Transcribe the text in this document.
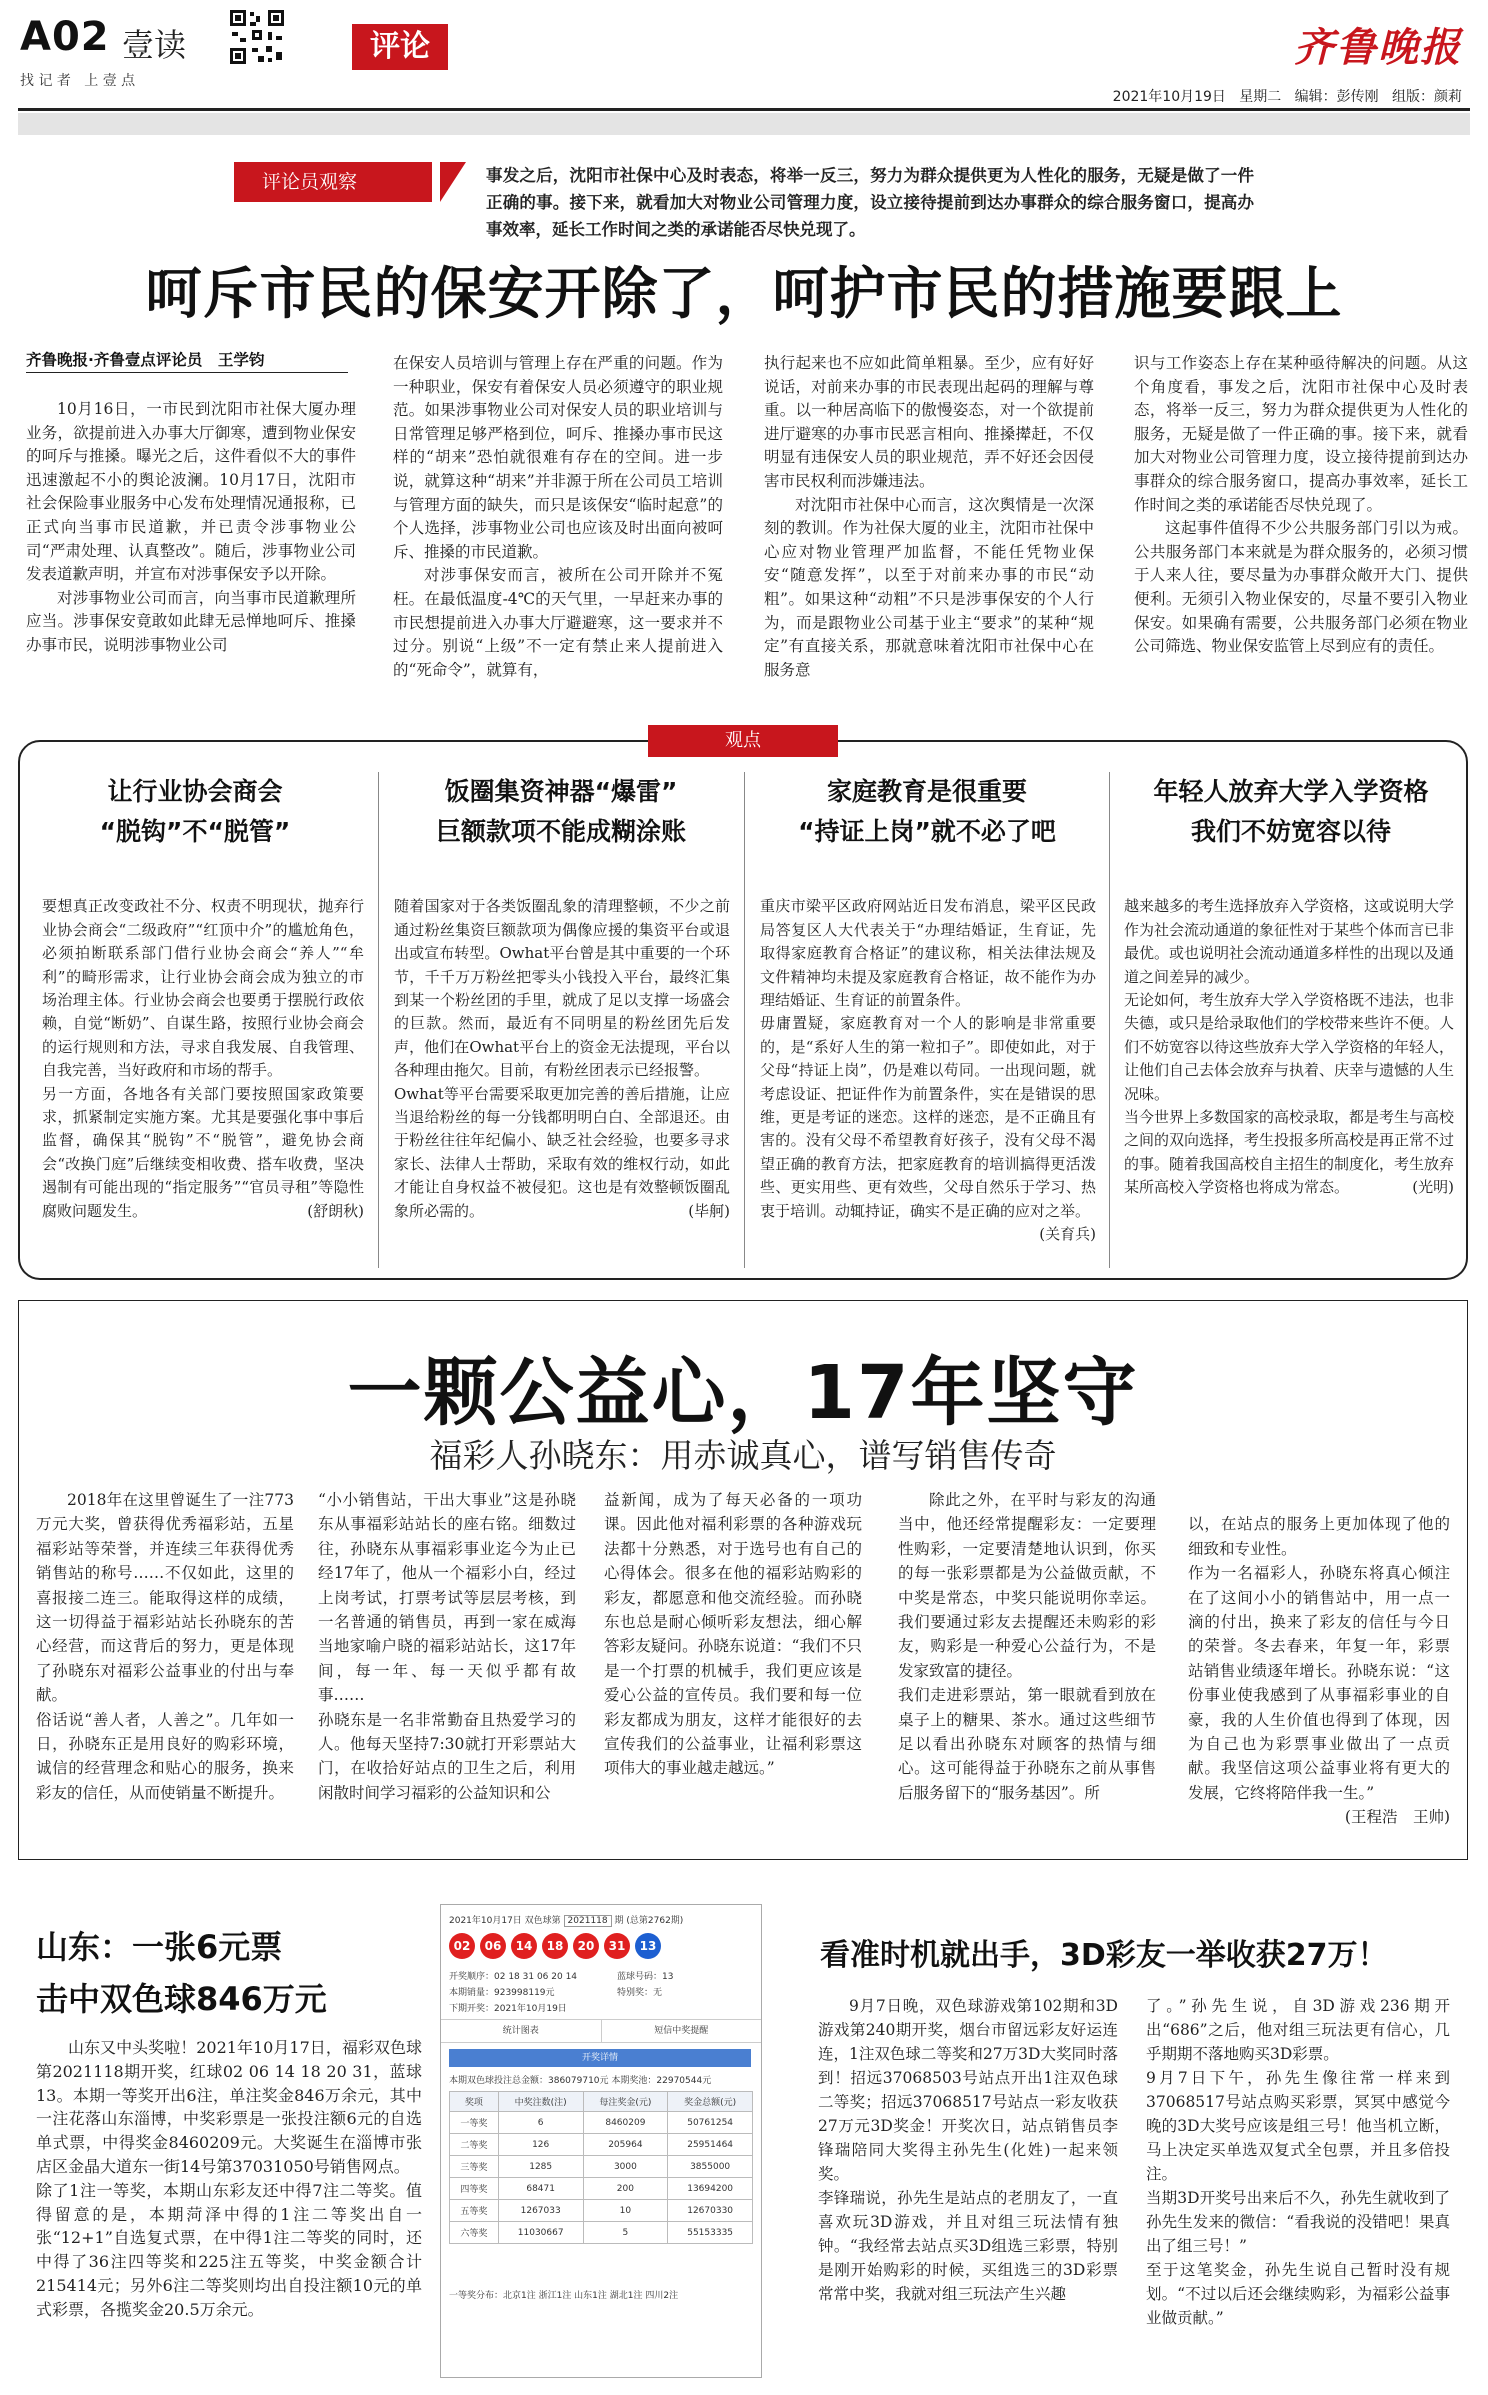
A02 壹读
找 记 者   上 壹 点
评论	齐鲁晚报
2021年10月19日 星期二 编辑：彭传刚 组版：颜莉
评论员观察	事发之后，沈阳市社保中心及时表态，将举一反三，努力为群众提供更为人性化的服务，无疑是做了一件正确的事。接下来，就看加大对物业公司管理力度，设立接待提前到达办事群众的综合服务窗口，提高办事效率，延长工作时间之类的承诺能否尽快兑现了。
呵斥市民的保安开除了，呵护市民的措施要跟上
齐鲁晚报·齐鲁壹点评论员　王学钧

10月16日，一市民到沈阳市社保大厦办理业务，欲提前进入办事大厅御寒，遭到物业保安的呵斥与推搡。曝光之后，这件看似不大的事件迅速激起不小的舆论波澜。10月17日，沈阳市社会保险事业服务中心发布处理情况通报称，已正式向当事市民道歉，并已责令涉事物业公司“严肃处理、认真整改”。随后，涉事物业公司发表道歉声明，并宣布对涉事保安予以开除。

对涉事物业公司而言，向当事市民道歉理所应当。涉事保安竟敢如此肆无忌惮地呵斥、推搡办事市民，说明涉事物业公司

在保安人员培训与管理上存在严重的问题。作为一种职业，保安有着保安人员必须遵守的职业规范。如果涉事物业公司对保安人员的职业培训与日常管理足够严格到位，呵斥、推搡办事市民这样的“胡来”恐怕就很难有存在的空间。进一步说，就算这种“胡来”并非源于所在公司员工培训与管理方面的缺失，而只是该保安“临时起意”的个人选择，涉事物业公司也应该及时出面向被呵斥、推搡的市民道歉。

对涉事保安而言，被所在公司开除并不冤枉。在最低温度-4℃的天气里，一早赶来办事的市民想提前进入办事大厅避避寒，这一要求并不过分。别说“上级”不一定有禁止来人提前进入的“死命令”，就算有，

执行起来也不应如此简单粗暴。至少，应有好好说话，对前来办事的市民表现出起码的理解与尊重。以一种居高临下的傲慢姿态，对一个欲提前进厅避寒的办事市民恶言相向、推搡撵赶，不仅明显有违保安人员的职业规范，弄不好还会因侵害市民权利而涉嫌违法。

对沈阳市社保中心而言，这次舆情是一次深刻的教训。作为社保大厦的业主，沈阳市社保中心应对物业管理严加监督，不能任凭物业保安“随意发挥”，以至于对前来办事的市民“动粗”。如果这种“动粗”不只是涉事保安的个人行为，而是跟物业公司基于业主“要求”的某种“规定”有直接关系，那就意味着沈阳市社保中心在服务意

识与工作姿态上存在某种亟待解决的问题。从这个角度看，事发之后，沈阳市社保中心及时表态，将举一反三，努力为群众提供更为人性化的服务，无疑是做了一件正确的事。接下来，就看加大对物业公司管理力度，设立接待提前到达办事群众的综合服务窗口，提高办事效率，延长工作时间之类的承诺能否尽快兑现了。

这起事件值得不少公共服务部门引以为戒。公共服务部门本来就是为群众服务的，必须习惯于人来人往，要尽量为办事群众敞开大门、提供便利。无须引入物业保安的，尽量不要引入物业保安。如果确有需要，公共服务部门必须在物业公司筛选、物业保安监管上尽到应有的责任。

观点
让行业协会商会
“脱钩”不“脱管”
饭圈集资神器“爆雷”
巨额款项不能成糊涂账
家庭教育是很重要
“持证上岗”就不必了吧
年轻人放弃大学入学资格
我们不妨宽容以待

要想真正改变政社不分、权责不明现状，抛弃行业协会商会“二级政府”“红顶中介”的尴尬角色，必须拍断联系部门借行业协会商会“养人”“牟利”的畸形需求，让行业协会商会成为独立的市场治理主体。行业协会商会也要勇于摆脱行政依赖，自觉“断奶”、自谋生路，按照行业协会商会的运行规则和方法，寻求自我发展、自我管理、自我完善，当好政府和市场的帮手。
另一方面，各地各有关部门要按照国家政策要求，抓紧制定实施方案。尤其是要强化事中事后监督，确保其“脱钩”不“脱管”，避免协会商会“改换门庭”后继续变相收费、搭车收费，坚决遏制有可能出现的“指定服务”“官员寻租”等隐性腐败问题发生。	(舒朗秋)

随着国家对于各类饭圈乱象的清理整顿，不少之前通过粉丝集资巨额款项为偶像应援的集资平台或退出或宣布转型。Owhat平台曾是其中重要的一个环节，千千万万粉丝把零头小钱投入平台，最终汇集到某一个粉丝团的手里，就成了足以支撑一场盛会的巨款。然而，最近有不同明星的粉丝团先后发声，他们在Owhat平台上的资金无法提现，平台以各种理由拖欠。目前，有粉丝团表示已经报警。
Owhat等平台需要采取更加完善的善后措施，让应当退给粉丝的每一分钱都明明白白、全部退还。由于粉丝往往年纪偏小、缺乏社会经验，也要多寻求家长、法律人士帮助，采取有效的维权行动，如此才能让自身权益不被侵犯。这也是有效整顿饭圈乱象所必需的。	(毕舸)

重庆市梁平区政府网站近日发布消息，梁平区民政局答复区人大代表关于“办理结婚证，生育证，先取得家庭教育合格证”的建议称，相关法律法规及文件精神均未提及家庭教育合格证，故不能作为办理结婚证、生育证的前置条件。
毋庸置疑，家庭教育对一个人的影响是非常重要的，是“系好人生的第一粒扣子”。即使如此，对于父母“持证上岗”，仍是难以苟同。一出现问题，就考虑设证、把证件作为前置条件，实在是错误的思维，更是考证的迷恋。这样的迷恋，是不正确且有害的。没有父母不希望教育好孩子，没有父母不渴望正确的教育方法，把家庭教育的培训搞得更活泼些、更实用些、更有效些，父母自然乐于学习、热衷于培训。动辄持证，确实不是正确的应对之举。
(关育兵)

越来越多的考生选择放弃入学资格，这或说明大学作为社会流动通道的象征性对于某些个体而言已非最优。或也说明社会流动通道多样性的出现以及通道之间差异的减少。
无论如何，考生放弃大学入学资格既不违法，也非失德，或只是给录取他们的学校带来些许不便。人们不妨宽容以待这些放弃大学入学资格的年轻人，让他们自己去体会放弃与执着、庆幸与遗憾的人生况味。
当今世界上多数国家的高校录取，都是考生与高校之间的双向选择，考生投报多所高校是再正常不过的事。随着我国高校自主招生的制度化，考生放弃某所高校入学资格也将成为常态。	(光明)

一颗公益心，17年坚守
福彩人孙晓东：用赤诚真心，谱写销售传奇
2018年在这里曾诞生了一注773万元大奖，曾获得优秀福彩站，五星福彩站等荣誉，并连续三年获得优秀销售站的称号……不仅如此，这里的喜报接二连三。能取得这样的成绩，这一切得益于福彩站站长孙晓东的苦心经营，而这背后的努力，更是体现了孙晓东对福彩公益事业的付出与奉献。
俗话说“善人者，人善之”。几年如一日，孙晓东正是用良好的购彩环境，诚信的经营理念和贴心的服务，换来彩友的信任，从而使销量不断提升。
“小小销售站，干出大事业”这是孙晓东从事福彩站站长的座右铭。细数过往，孙晓东从事福彩事业迄今为止已经17年了，他从一个福彩小白，经过上岗考试，打票考试等层层考核，到一名普通的销售员，再到一家在威海当地家喻户晓的福彩站站长，这17年间，每一年、每一天似乎都有故事……
孙晓东是一名非常勤奋且热爱学习的人。他每天坚持7:30就打开彩票站大门，在收拾好站点的卫生之后，利用闲散时间学习福彩的公益知识和公
益新闻，成为了每天必备的一项功课。因此他对福利彩票的各种游戏玩法都十分熟悉，对于选号也有自己的心得体会。很多在他的福彩站购彩的彩友，都愿意和他交流经验。而孙晓东也总是耐心倾听彩友想法，细心解答彩友疑问。孙晓东说道：“我们不只是一个打票的机械手，我们更应该是爱心公益的宣传员。我们要和每一位彩友都成为朋友，这样才能很好的去宣传我们的公益事业，让福利彩票这项伟大的事业越走越远。”
除此之外，在平时与彩友的沟通当中，他还经常提醒彩友：一定要理性购彩，一定要清楚地认识到，你买的每一张彩票都是为公益做贡献，不中奖是常态，中奖只能说明你幸运。我们要通过彩友去提醒还未购彩的彩友，购彩是一种爱心公益行为，不是发家致富的捷径。
我们走进彩票站，第一眼就看到放在桌子上的糖果、茶水。通过这些细节足以看出孙晓东对顾客的热情与细心。这可能得益于孙晓东之前从事售后服务留下的“服务基因”。所

以，在站点的服务上更加体现了他的细致和专业性。
作为一名福彩人，孙晓东将真心倾注在了这间小小的销售站中，用一点一滴的付出，换来了彩友的信任与今日的荣誉。冬去春来，年复一年，彩票站销售业绩逐年增长。孙晓东说：“这份事业使我感到了从事福彩事业的自豪，我的人生价值也得到了体现，因为自己也为彩票事业做出了一点贡献。我坚信这项公益事业将有更大的发展，它终将陪伴我一生。”
(王程浩　王帅)

山东：一张6元票
击中双色球846万元
山东又中头奖啦！2021年10月17日，福彩双色球第2021118期开奖，红球02 06 14 18 20 31，蓝球13。本期一等奖开出6注，单注奖金846万余元，其中一注花落山东淄博，中奖彩票是一张投注额6元的自选单式票，中得奖金8460209元。大奖诞生在淄博市张店区金晶大道东一街14号第37031050号销售网点。
除了1注一等奖，本期山东彩友还中得7注二等奖。值得留意的是，本期菏泽中得的1注二等奖出自一张“12+1”自选复式票，在中得1注二等奖的同时，还中得了36注四等奖和225注五等奖，中奖金额合计215414元；另外6注二等奖则均出自投注额10元的单式彩票，各揽奖金20.5万余元。
2021年10月17日 双色球第 2021118 期 (总第2762期)
02	06	14	18	20	31	13
开奖顺序：02 18 31 06 20 14	蓝球号码：13
本期销量：923998119元	特别奖：无
下期开奖：2021年10月19日
统计图表	短信中奖提醒
开奖详情
本期双色球投注总金额：386079710元 本期奖池：22970544元
奖项	中奖注数(注)	每注奖金(元)	奖金总额(元)
一等奖	6	8460209	50761254
二等奖	126	205964	25951464
三等奖	1285	3000	3855000
四等奖	68471	200	13694200
五等奖	1267033	10	12670330
六等奖	11030667	5	55153335
一等奖分布：北京1注 浙江1注 山东1注 湖北1注 四川2注
看准时机就出手，3D彩友一举收获27万！
9月7日晚，双色球游戏第102期和3D游戏第240期开奖，烟台市留远彩友好运连连，1注双色球二等奖和27万3D大奖同时落到！招远37068503号站点开出1注双色球二等奖；招远37068517号站点一彩友收获27万元3D奖金！开奖次日，站点销售员李锋瑞陪同大奖得主孙先生(化姓)一起来领奖。
李锋瑞说，孙先生是站点的老朋友了，一直喜欢玩3D游戏，并且对组三玩法情有独钟。“我经常去站点买3D组选三彩票，特别是刚开始购彩的时候，买组选三的3D彩票常常中奖，我就对组三玩法产生兴趣
了。”孙先生说，自3D游戏236期开出“686”之后，他对组三玩法更有信心，几乎期期不落地购买3D彩票。
9月7日下午，孙先生像往常一样来到37068517号站点购买彩票，冥冥中感觉今晚的3D大奖号应该是组三号！他当机立断，马上决定买单选双复式全包票，并且多倍投注。
当期3D开奖号出来后不久，孙先生就收到了孙先生发来的微信：“看我说的没错吧！果真出了组三号！”
至于这笔奖金，孙先生说自己暂时没有规划。“不过以后还会继续购彩，为福彩公益事业做贡献。”
